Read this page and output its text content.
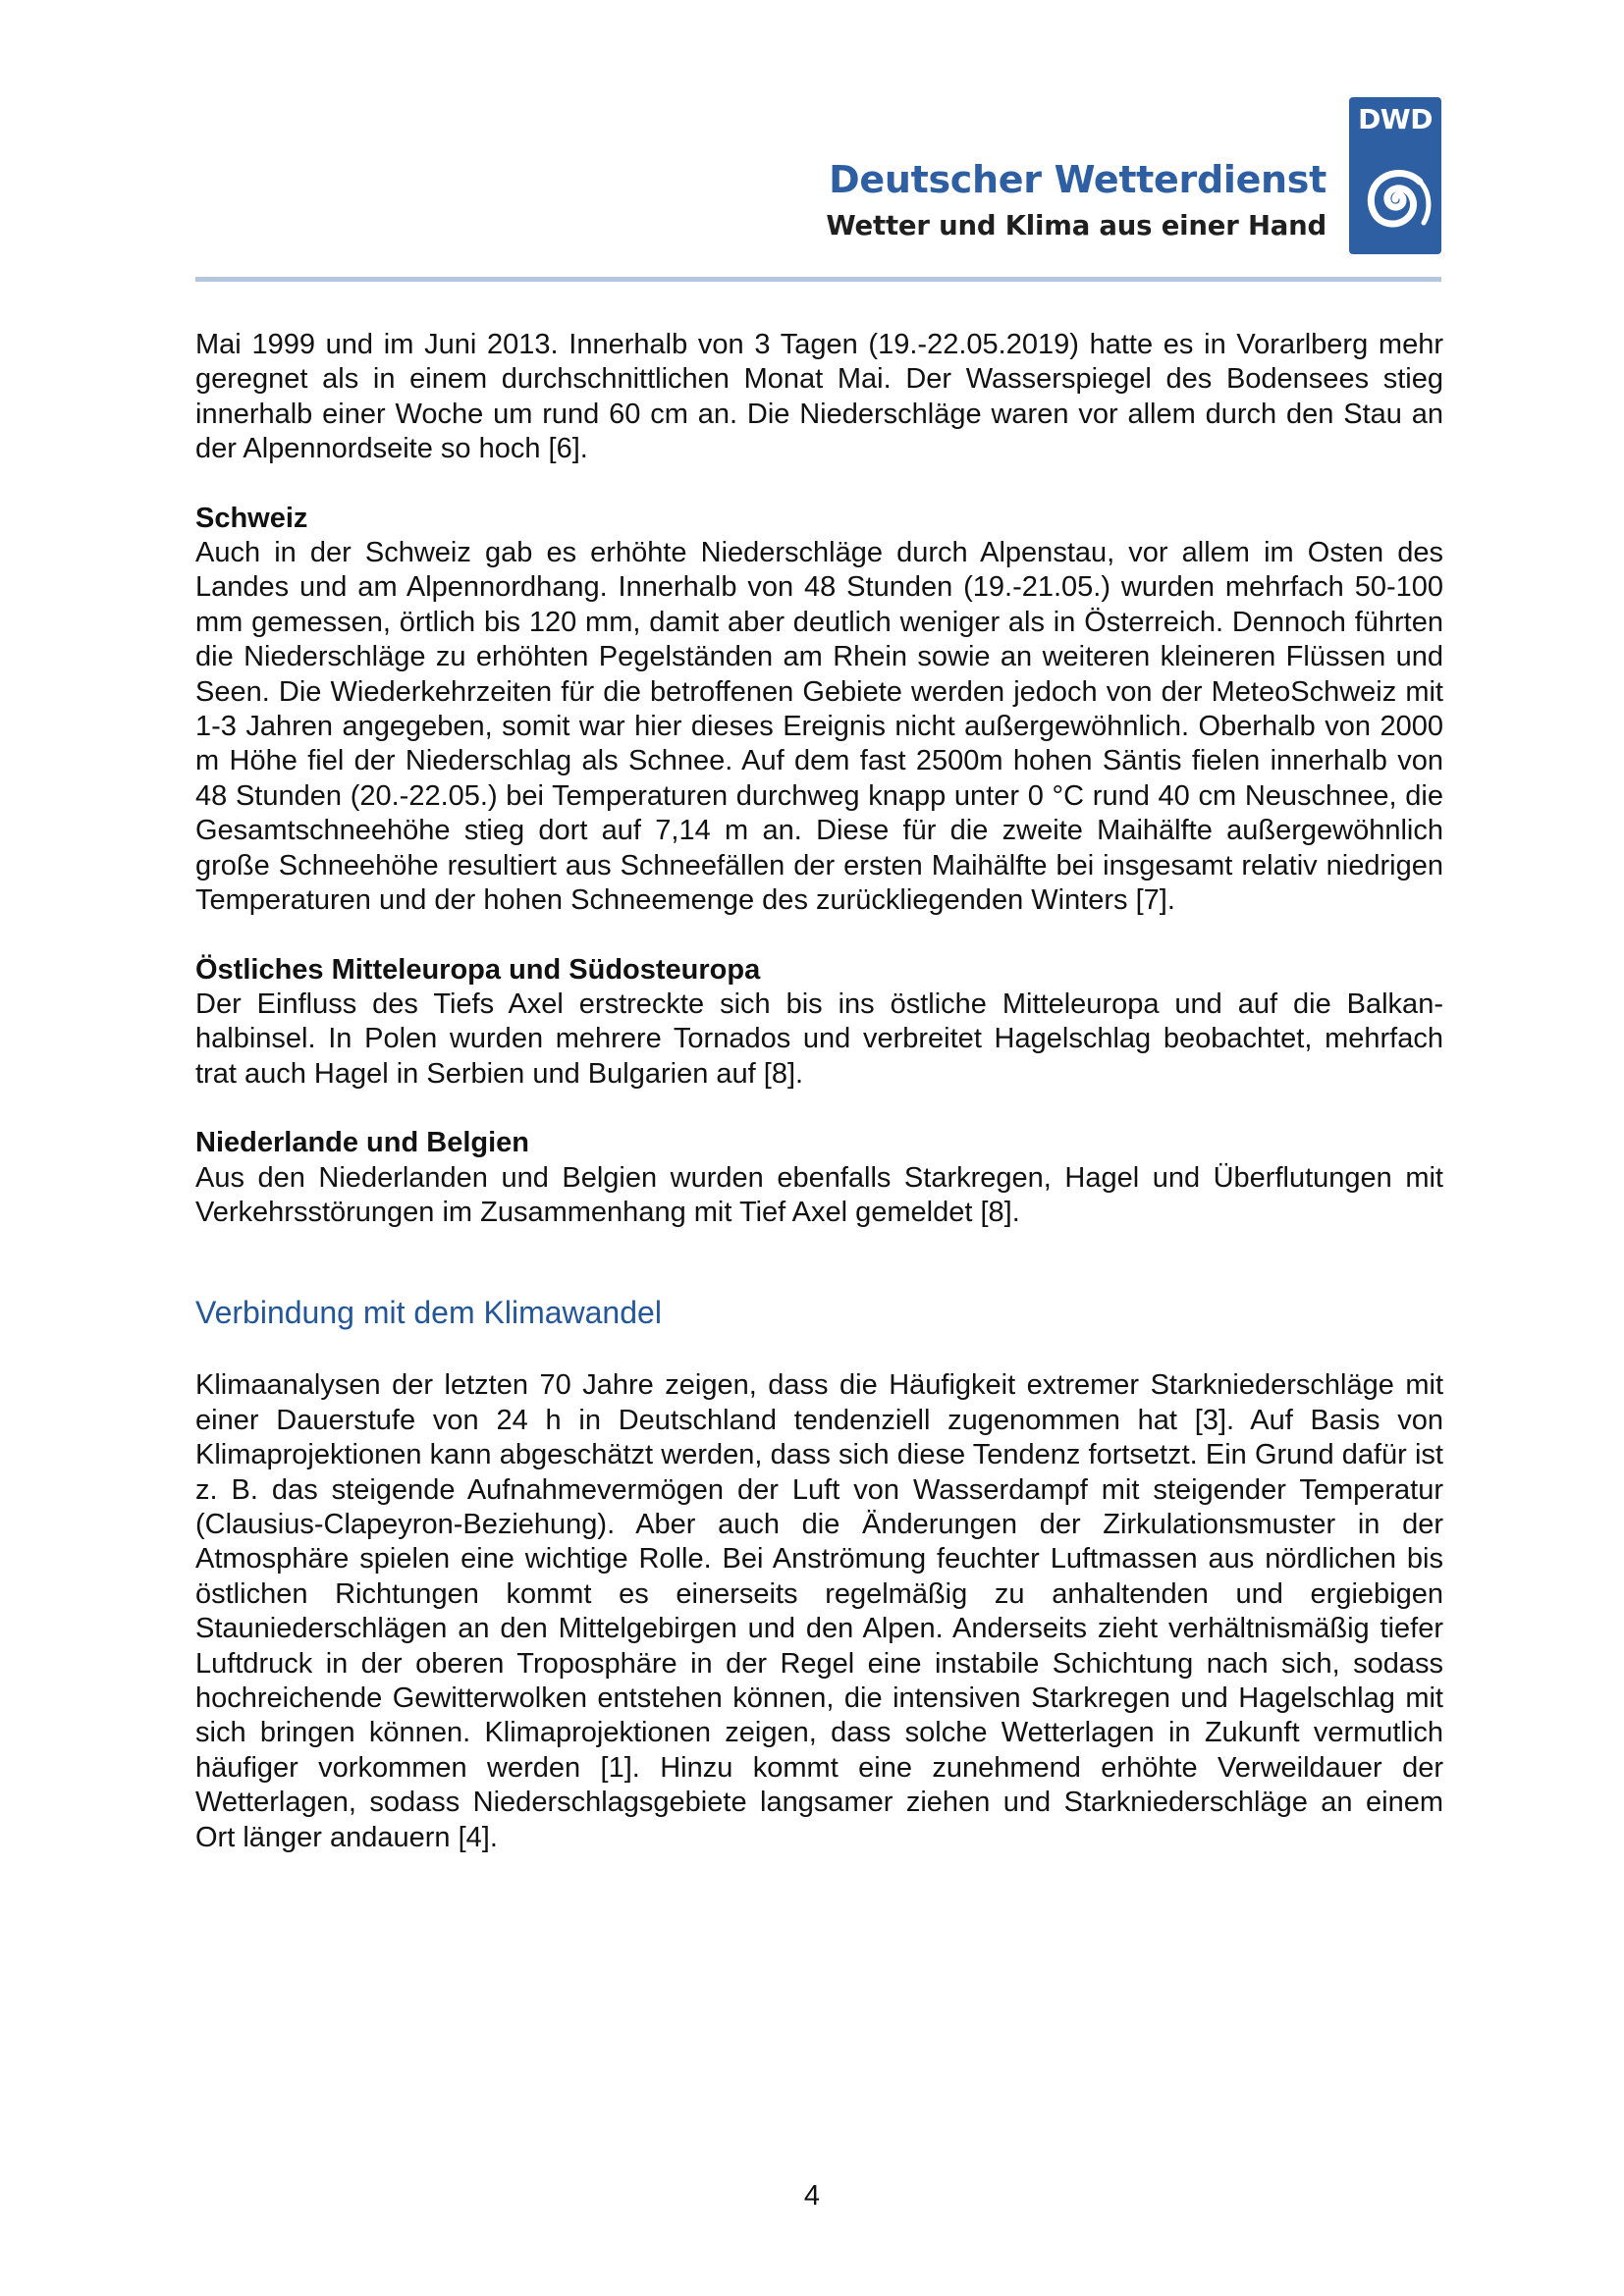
Deutscher Wetterdienst

Wetter und Klima aus einer Hand

DWD

Mai 1999 und im Juni 2013. Innerhalb von 3 Tagen (19.-22.05.2019) hatte es in Vorarlberg mehr geregnet als in einem durchschnittlichen Monat Mai. Der Wasserspiegel des Bodensees stieg innerhalb einer Woche um rund 60 cm an. Die Niederschläge waren vor allem durch den Stau an der Alpennordseite so hoch [6].

Schweiz

Auch in der Schweiz gab es erhöhte Niederschläge durch Alpenstau, vor allem im Osten des Landes und am Alpennordhang. Innerhalb von 48 Stunden (19.-21.05.) wurden mehrfach 50-100 mm gemessen, örtlich bis 120 mm, damit aber deutlich weniger als in Österreich. Dennoch führten die Niederschläge zu erhöhten Pegelständen am Rhein sowie an weiteren kleineren Flüssen und Seen. Die Wiederkehrzeiten für die betroffenen Gebiete werden jedoch von der MeteoSchweiz mit 1-3 Jahren angegeben, somit war hier dieses Ereignis nicht außergewöhnlich. Oberhalb von 2000 m Höhe fiel der Niederschlag als Schnee. Auf dem fast 2500m hohen Säntis fielen innerhalb von 48 Stunden (20.-22.05.) bei Temperaturen durchweg knapp unter 0 °C rund 40 cm Neuschnee, die Gesamtschneehöhe stieg dort auf 7,14 m an. Diese für die zweite Maihälfte außergewöhnlich große Schneehöhe resultiert aus Schneefällen der ersten Maihälfte bei insgesamt relativ niedrigen Temperaturen und der hohen Schneemenge des zurückliegenden Winters [7].

Östliches Mitteleuropa und Südosteuropa

Der Einfluss des Tiefs Axel erstreckte sich bis ins östliche Mitteleuropa und auf die Balkanhalbinsel. In Polen wurden mehrere Tornados und verbreitet Hagelschlag beobachtet, mehrfach trat auch Hagel in Serbien und Bulgarien auf [8].

Niederlande und Belgien

Aus den Niederlanden und Belgien wurden ebenfalls Starkregen, Hagel und Überflutungen mit Verkehrsstörungen im Zusammenhang mit Tief Axel gemeldet [8].

Verbindung mit dem Klimawandel

Klimaanalysen der letzten 70 Jahre zeigen, dass die Häufigkeit extremer Starkniederschläge mit einer Dauerstufe von 24 h in Deutschland tendenziell zugenommen hat [3]. Auf Basis von Klimaprojektionen kann abgeschätzt werden, dass sich diese Tendenz fortsetzt. Ein Grund dafür ist z. B. das steigende Aufnahmevermögen der Luft von Wasserdampf mit steigender Temperatur (Clausius-Clapeyron-Beziehung). Aber auch die Änderungen der Zirkulationsmuster in der Atmosphäre spielen eine wichtige Rolle. Bei Anströmung feuchter Luftmassen aus nördlichen bis östlichen Richtungen kommt es einerseits regelmäßig zu anhaltenden und ergiebigen Stauniederschlägen an den Mittelgebirgen und den Alpen. Anderseits zieht verhältnismäßig tiefer Luftdruck in der oberen Troposphäre in der Regel eine instabile Schichtung nach sich, sodass hochreichende Gewitterwolken entstehen können, die intensiven Starkregen und Hagelschlag mit sich bringen können. Klimaprojektionen zeigen, dass solche Wetterlagen in Zukunft vermutlich häufiger vorkommen werden [1]. Hinzu kommt eine zunehmend erhöhte Verweildauer der Wetterlagen, sodass Niederschlagsgebiete langsamer ziehen und Starkniederschläge an einem Ort länger andauern [4].

4
